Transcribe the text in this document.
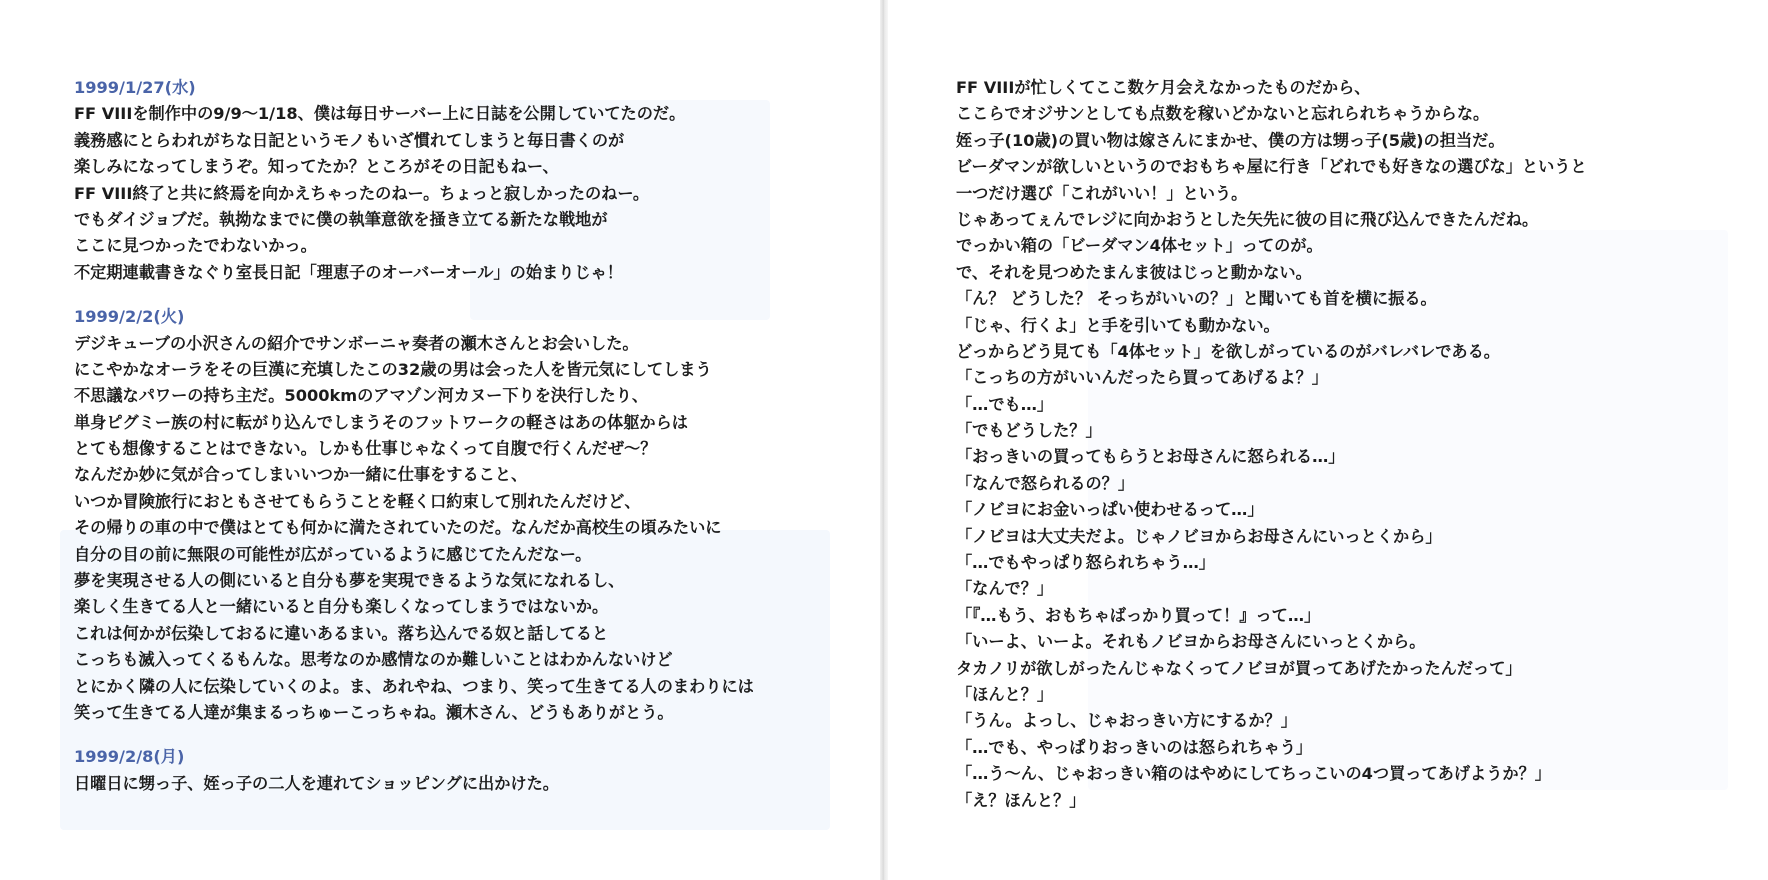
1999/1/27(水)
FF VIIIを制作中の9/9～1/18、僕は毎日サーバー上に日誌を公開していてたのだ。
義務感にとらわれがちな日記というモノもいざ慣れてしまうと毎日書くのが
楽しみになってしまうぞ。知ってたか？ところがその日記もねー、
FF VIII終了と共に終焉を向かえちゃったのねー。ちょっと寂しかったのねー。
でもダイジョブだ。執拗なまでに僕の執筆意欲を掻き立てる新たな戦地が
ここに見つかったでわないかっ。
不定期連載書きなぐり室長日記「理恵子のオーバーオール」の始まりじゃ！
1999/2/2(火)
デジキューブの小沢さんの紹介でサンボーニャ奏者の瀬木さんとお会いした。
にこやかなオーラをその巨漢に充填したこの32歳の男は会った人を皆元気にしてしまう
不思議なパワーの持ち主だ。5000kmのアマゾン河カヌー下りを決行したり、
単身ピグミー族の村に転がり込んでしまうそのフットワークの軽さはあの体躯からは
とても想像することはできない。しかも仕事じゃなくって自腹で行くんだぜ～？
なんだか妙に気が合ってしまいいつか一緒に仕事をすること、
いつか冒険旅行におともさせてもらうことを軽く口約束して別れたんだけど、
その帰りの車の中で僕はとても何かに満たされていたのだ。なんだか高校生の頃みたいに
自分の目の前に無限の可能性が広がっているように感じてたんだなー。
夢を実現させる人の側にいると自分も夢を実現できるような気になれるし、
楽しく生きてる人と一緒にいると自分も楽しくなってしまうではないか。
これは何かが伝染しておるに違いあるまい。落ち込んでる奴と話してると
こっちも滅入ってくるもんな。思考なのか感情なのか難しいことはわかんないけど
とにかく隣の人に伝染していくのよ。ま、あれやね、つまり、笑って生きてる人のまわりには
笑って生きてる人達が集まるっちゅーこっちゃね。瀬木さん、どうもありがとう。
1999/2/8(月)
日曜日に甥っ子、姪っ子の二人を連れてショッピングに出かけた。
FF VIIIが忙しくてここ数ケ月会えなかったものだから、
ここらでオジサンとしても点数を稼いどかないと忘れられちゃうからな。
姪っ子(10歳)の買い物は嫁さんにまかせ、僕の方は甥っ子(5歳)の担当だ。
ビーダマンが欲しいというのでおもちゃ屋に行き「どれでも好きなの選びな」というと
一つだけ選び「これがいい！」という。
じゃあってぇんでレジに向かおうとした矢先に彼の目に飛び込んできたんだね。
でっかい箱の「ビーダマン4体セット」ってのが。
で、それを見つめたまんま彼はじっと動かない。
「ん？ どうした？ そっちがいいの？」と聞いても首を横に振る。
「じゃ、行くよ」と手を引いても動かない。
どっからどう見ても「4体セット」を欲しがっているのがバレバレである。
「こっちの方がいいんだったら買ってあげるよ？」
「…でも…」
「でもどうした？」
「おっきいの買ってもらうとお母さんに怒られる…」
「なんで怒られるの？」
「ノビヨにお金いっぱい使わせるって…」
「ノビヨは大丈夫だよ。じゃノビヨからお母さんにいっとくから」
「…でもやっぱり怒られちゃう…」
「なんで？」
「『…もう、おもちゃばっかり買って！』って…」
「いーよ、いーよ。それもノビヨからお母さんにいっとくから。
タカノリが欲しがったんじゃなくってノビヨが買ってあげたかったんだって」
「ほんと？」
「うん。よっし、じゃおっきい方にするか？」
「…でも、やっぱりおっきいのは怒られちゃう」
「…う～ん、じゃおっきい箱のはやめにしてちっこいの4つ買ってあげようか？」
「え？ほんと？」
